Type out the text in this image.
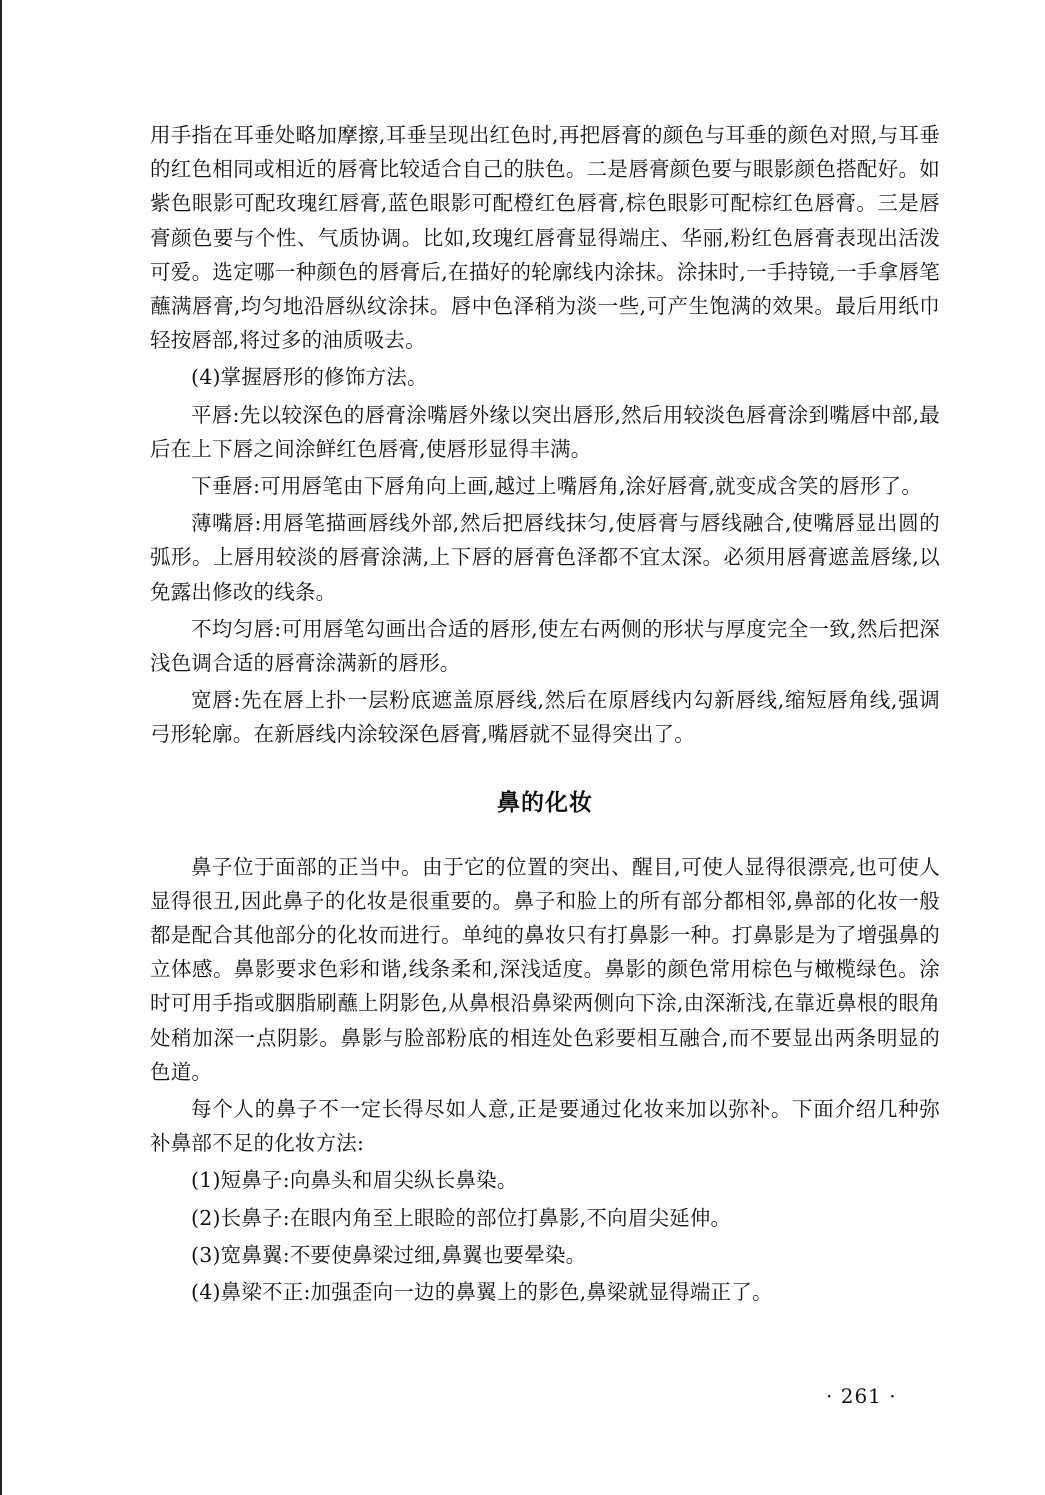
用手指在耳垂处略加摩擦,耳垂呈现出红色时,再把唇膏的颜色与耳垂的颜色对照,与耳垂的红色相同或相近的唇膏比较适合自己的肤色。二是唇膏颜色要与眼影颜色搭配好。如紫色眼影可配玫瑰红唇膏,蓝色眼影可配橙红色唇膏,棕色眼影可配棕红色唇膏。三是唇膏颜色要与个性、气质协调。比如,玫瑰红唇膏显得端庄、华丽,粉红色唇膏表现出活泼可爱。选定哪一种颜色的唇膏后,在描好的轮廓线内涂抹。涂抹时,一手持镜,一手拿唇笔蘸满唇膏,均匀地沿唇纵纹涂抹。唇中色泽稍为淡一些,可产生饱满的效果。最后用纸巾轻按唇部,将过多的油质吸去。

(4)掌握唇形的修饰方法。

平唇:先以较深色的唇膏涂嘴唇外缘以突出唇形,然后用较淡色唇膏涂到嘴唇中部,最后在上下唇之间涂鲜红色唇膏,使唇形显得丰满。

下垂唇:可用唇笔由下唇角向上画,越过上嘴唇角,涂好唇膏,就变成含笑的唇形了。

薄嘴唇:用唇笔描画唇线外部,然后把唇线抹匀,使唇膏与唇线融合,使嘴唇显出圆的弧形。上唇用较淡的唇膏涂满,上下唇的唇膏色泽都不宜太深。必须用唇膏遮盖唇缘,以免露出修改的线条。

不均匀唇:可用唇笔勾画出合适的唇形,使左右两侧的形状与厚度完全一致,然后把深浅色调合适的唇膏涂满新的唇形。

宽唇:先在唇上扑一层粉底遮盖原唇线,然后在原唇线内勾新唇线,缩短唇角线,强调弓形轮廓。在新唇线内涂较深色唇膏,嘴唇就不显得突出了。

鼻的化妆

鼻子位于面部的正当中。由于它的位置的突出、醒目,可使人显得很漂亮,也可使人显得很丑,因此鼻子的化妆是很重要的。鼻子和脸上的所有部分都相邻,鼻部的化妆一般都是配合其他部分的化妆而进行。单纯的鼻妆只有打鼻影一种。打鼻影是为了增强鼻的立体感。鼻影要求色彩和谐,线条柔和,深浅适度。鼻影的颜色常用棕色与橄榄绿色。涂时可用手指或胭脂刷蘸上阴影色,从鼻根沿鼻梁两侧向下涂,由深渐浅,在靠近鼻根的眼角处稍加深一点阴影。鼻影与脸部粉底的相连处色彩要相互融合,而不要显出两条明显的色道。

每个人的鼻子不一定长得尽如人意,正是要通过化妆来加以弥补。下面介绍几种弥补鼻部不足的化妆方法:

(1)短鼻子:向鼻头和眉尖纵长鼻染。

(2)长鼻子:在眼内角至上眼睑的部位打鼻影,不向眉尖延伸。

(3)宽鼻翼:不要使鼻梁过细,鼻翼也要晕染。

(4)鼻梁不正:加强歪向一边的鼻翼上的影色,鼻梁就显得端正了。

· 261 ·
